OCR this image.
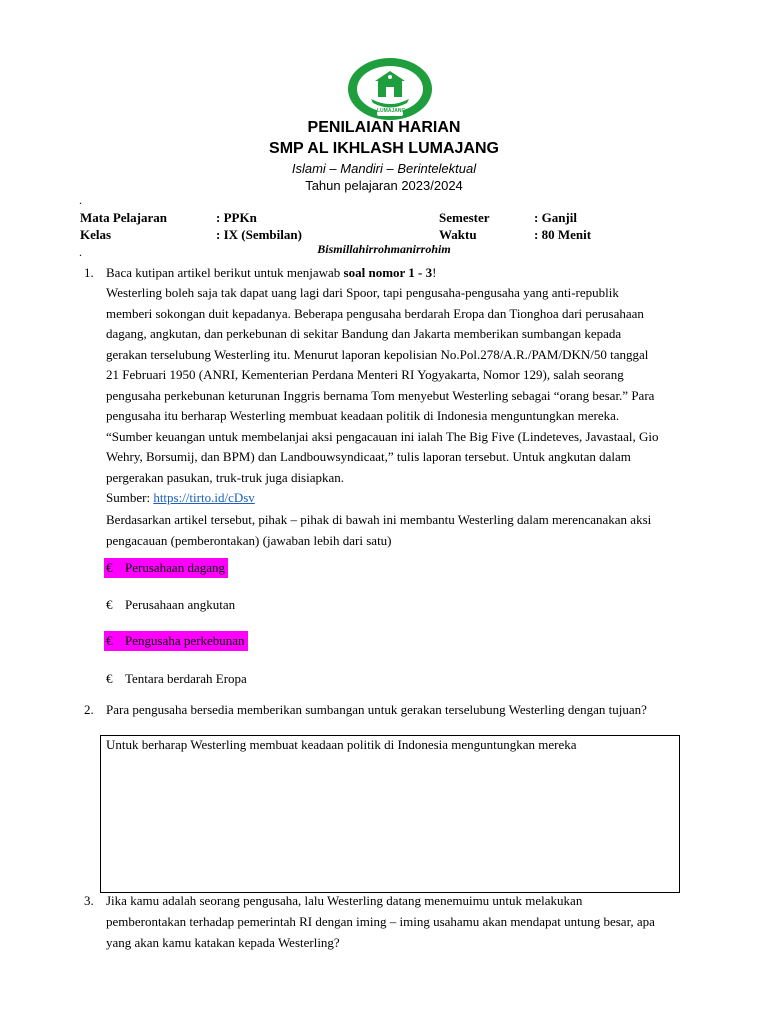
LUMAJANG
PENILAIAN HARIAN
SMP AL IKHLASH LUMAJANG
Islami – Mandiri – Berintelektual
Tahun pelajaran 2023/2024
.
Mata Pelajaran	: PPKn	Semester	: Ganjil
Kelas	: IX (Sembilan)	Waktu	: 80 Menit
.	Bismillahirrohmanirrohim
1. Baca kutipan artikel berikut untuk menjawab soal nomor 1 - 3!
Westerling boleh saja tak dapat uang lagi dari Spoor, tapi pengusaha-pengusaha yang anti-republik
memberi sokongan duit kepadanya. Beberapa pengusaha berdarah Eropa dan Tionghoa dari perusahaan
dagang, angkutan, dan perkebunan di sekitar Bandung dan Jakarta memberikan sumbangan kepada
gerakan terselubung Westerling itu. Menurut laporan kepolisian No.Pol.278/A.R./PAM/DKN/50 tanggal
21 Februari 1950 (ANRI, Kementerian Perdana Menteri RI Yogyakarta, Nomor 129), salah seorang
pengusaha perkebunan keturunan Inggris bernama Tom menyebut Westerling sebagai “orang besar.” Para
pengusaha itu berharap Westerling membuat keadaan politik di Indonesia menguntungkan mereka.
“Sumber keuangan untuk membelanjai aksi pengacauan ini ialah The Big Five (Lindeteves, Javastaal, Gio
Wehry, Borsumij, dan BPM) dan Landbouwsyndicaat,” tulis laporan tersebut. Untuk angkutan dalam
pergerakan pasukan, truk-truk juga disiapkan.
Sumber: https://tirto.id/cDsv
Berdasarkan artikel tersebut, pihak – pihak di bawah ini membantu Westerling dalam merencanakan aksi
pengacauan (pemberontakan) (jawaban lebih dari satu)
€ Perusahaan dagang
€ Perusahaan angkutan
€ Pengusaha perkebunan
€ Tentara berdarah Eropa
2. Para pengusaha bersedia memberikan sumbangan untuk gerakan terselubung Westerling dengan tujuan?
Untuk berharap Westerling membuat keadaan politik di Indonesia menguntungkan mereka
3. Jika kamu adalah seorang pengusaha, lalu Westerling datang menemuimu untuk melakukan
pemberontakan terhadap pemerintah RI dengan iming – iming usahamu akan mendapat untung besar, apa
yang akan kamu katakan kepada Westerling?
